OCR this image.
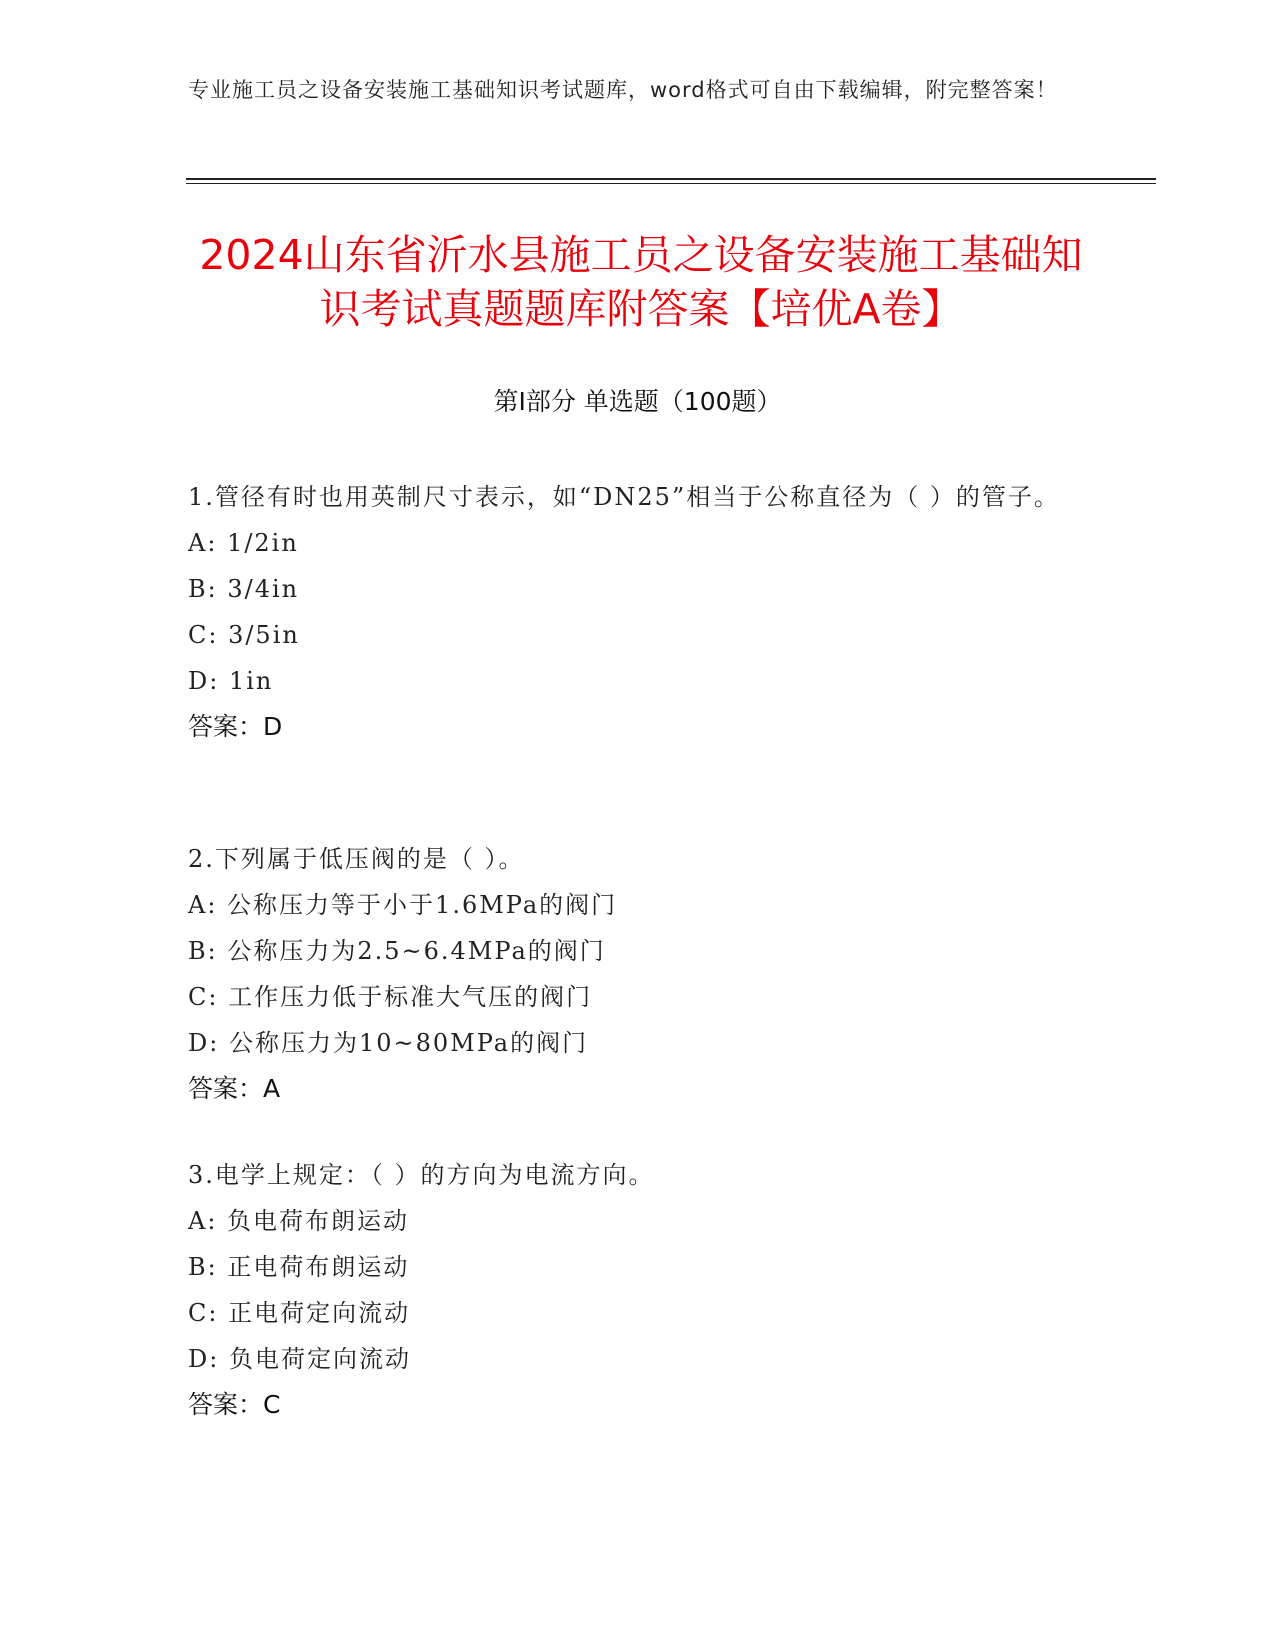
专业施工员之设备安装施工基础知识考试题库，word格式可自由下载编辑，附完整答案！
2024山东省沂水县施工员之设备安装施工基础知识考试真题题库附答案【培优A卷】
第Ⅰ部分 单选题（100题）

1.管径有时也用英制尺寸表示，如“DN25”相当于公称直径为（ ）的管子。

A: 1/2in

B: 3/4in

C: 3/5in

D: 1in

答案：D

2.下列属于低压阀的是（ ）。

A: 公称压力等于小于1.6MPa的阀门

B: 公称压力为2.5~6.4MPa的阀门

C: 工作压力低于标准大气压的阀门

D: 公称压力为10~80MPa的阀门

答案：A

3.电学上规定：（ ）的方向为电流方向。

A: 负电荷布朗运动

B: 正电荷布朗运动

C: 正电荷定向流动

D: 负电荷定向流动

答案：C
